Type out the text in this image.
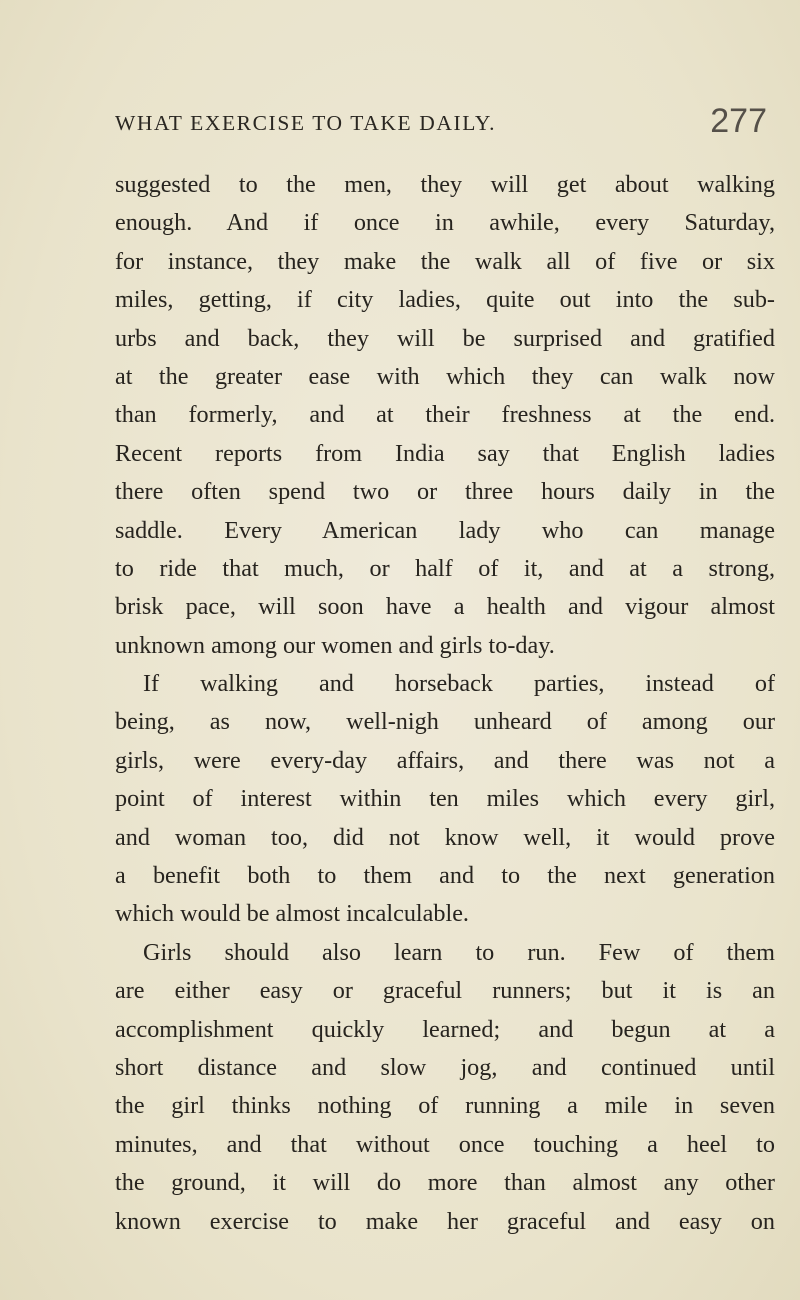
WHAT EXERCISE TO TAKE DAILY.	277
suggested to the men, they will get about walking
enough. And if once in awhile, every Saturday,
for instance, they make the walk all of five or six
miles, getting, if city ladies, quite out into the sub-
urbs and back, they will be surprised and gratified
at the greater ease with which they can walk now
than formerly, and at their freshness at the end.
Recent reports from India say that English ladies
there often spend two or three hours daily in the
saddle. Every American lady who can manage
to ride that much, or half of it, and at a strong,
brisk pace, will soon have a health and vigour almost
unknown among our women and girls to-day.
If walking and horseback parties, instead of
being, as now, well-nigh unheard of among our
girls, were every-day affairs, and there was not a
point of interest within ten miles which every girl,
and woman too, did not know well, it would prove
a benefit both to them and to the next generation
which would be almost incalculable.
Girls should also learn to run. Few of them
are either easy or graceful runners; but it is an
accomplishment quickly learned; and begun at a
short distance and slow jog, and continued until
the girl thinks nothing of running a mile in seven
minutes, and that without once touching a heel to
the ground, it will do more than almost any other
known exercise to make her graceful and easy on
